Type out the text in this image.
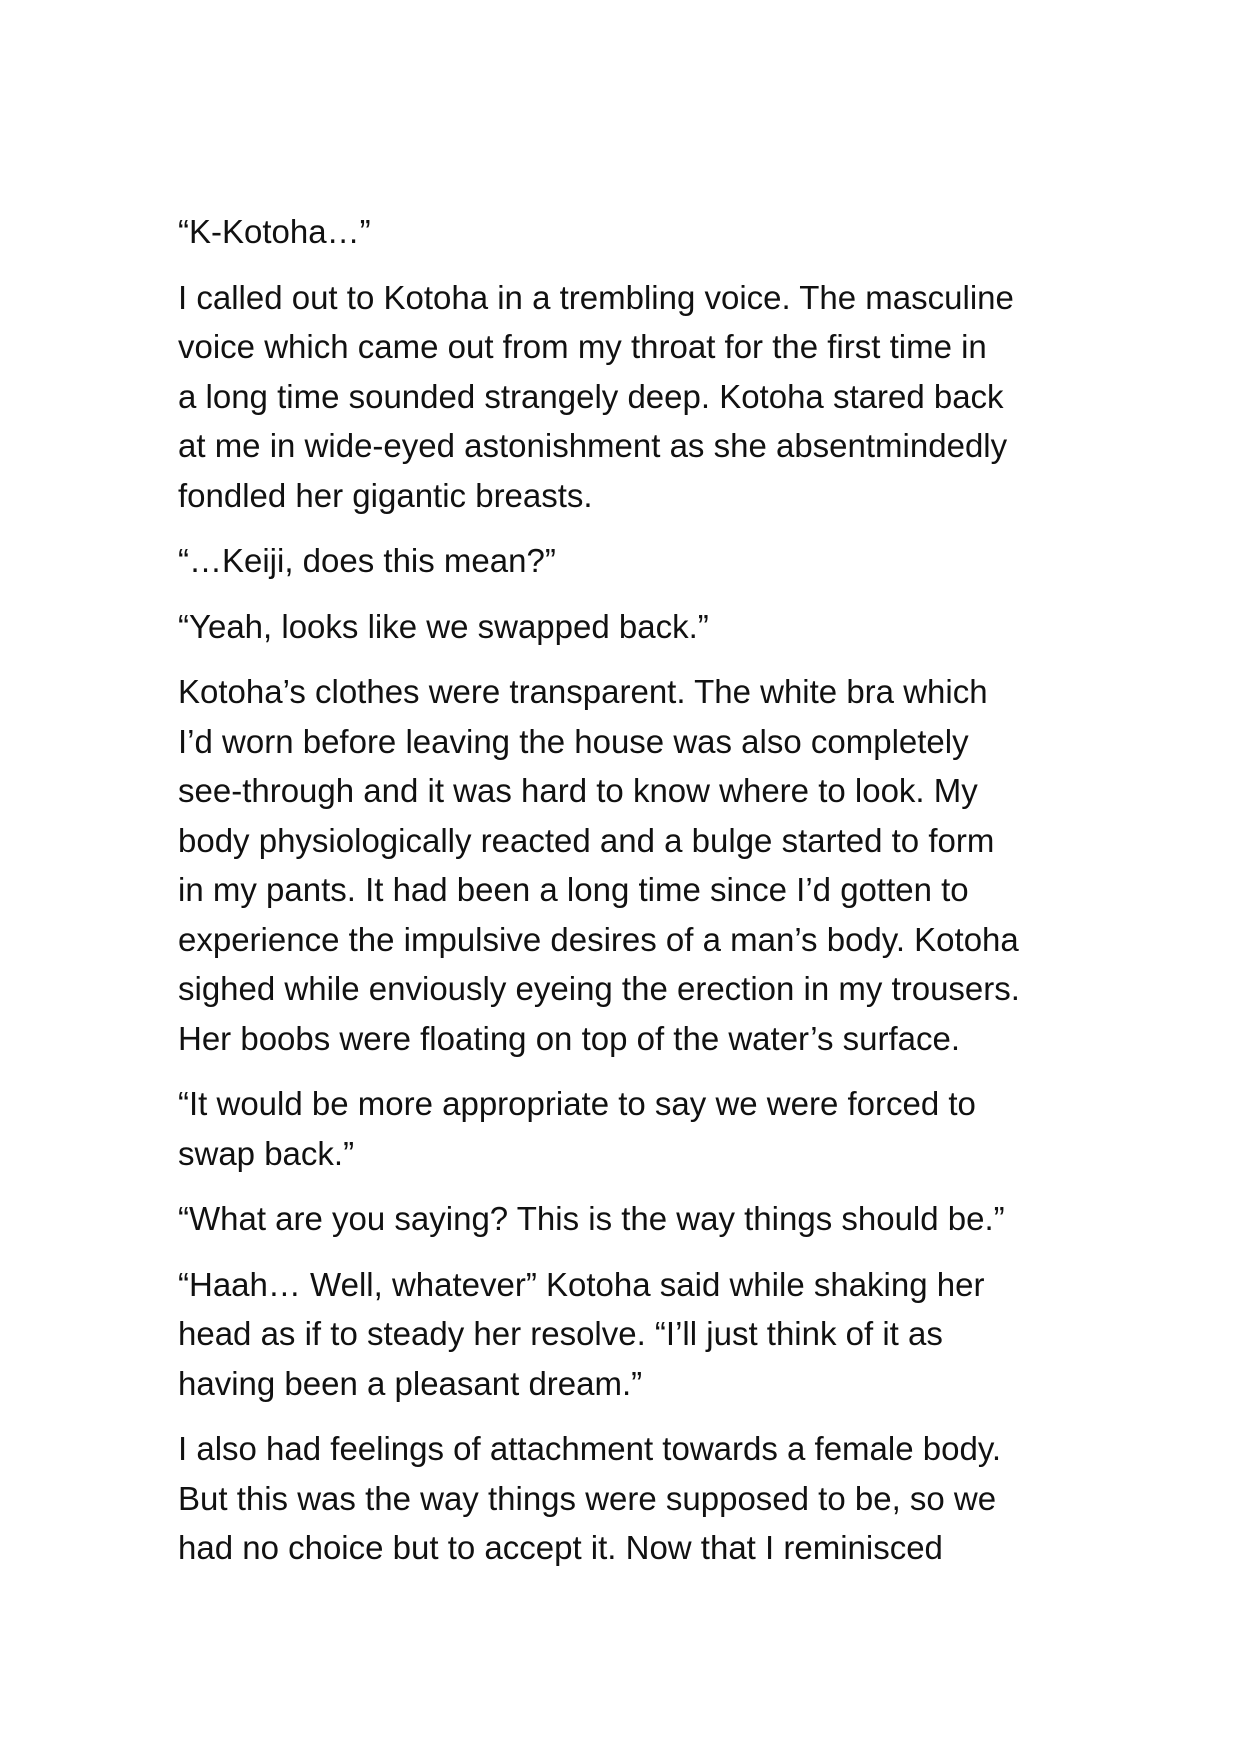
“K-Kotoha…”

I called out to Kotoha in a trembling voice. The masculine
voice which came out from my throat for the first time in
a long time sounded strangely deep. Kotoha stared back
at me in wide-eyed astonishment as she absentmindedly
fondled her gigantic breasts.

“…Keiji, does this mean?”

“Yeah, looks like we swapped back.”

Kotoha’s clothes were transparent. The white bra which
I’d worn before leaving the house was also completely
see-through and it was hard to know where to look. My
body physiologically reacted and a bulge started to form
in my pants. It had been a long time since I’d gotten to
experience the impulsive desires of a man’s body. Kotoha
sighed while enviously eyeing the erection in my trousers.
Her boobs were floating on top of the water’s surface.

“It would be more appropriate to say we were forced to
swap back.”

“What are you saying? This is the way things should be.”

“Haah… Well, whatever” Kotoha said while shaking her
head as if to steady her resolve. “I’ll just think of it as
having been a pleasant dream.”

I also had feelings of attachment towards a female body.
But this was the way things were supposed to be, so we
had no choice but to accept it. Now that I reminisced
